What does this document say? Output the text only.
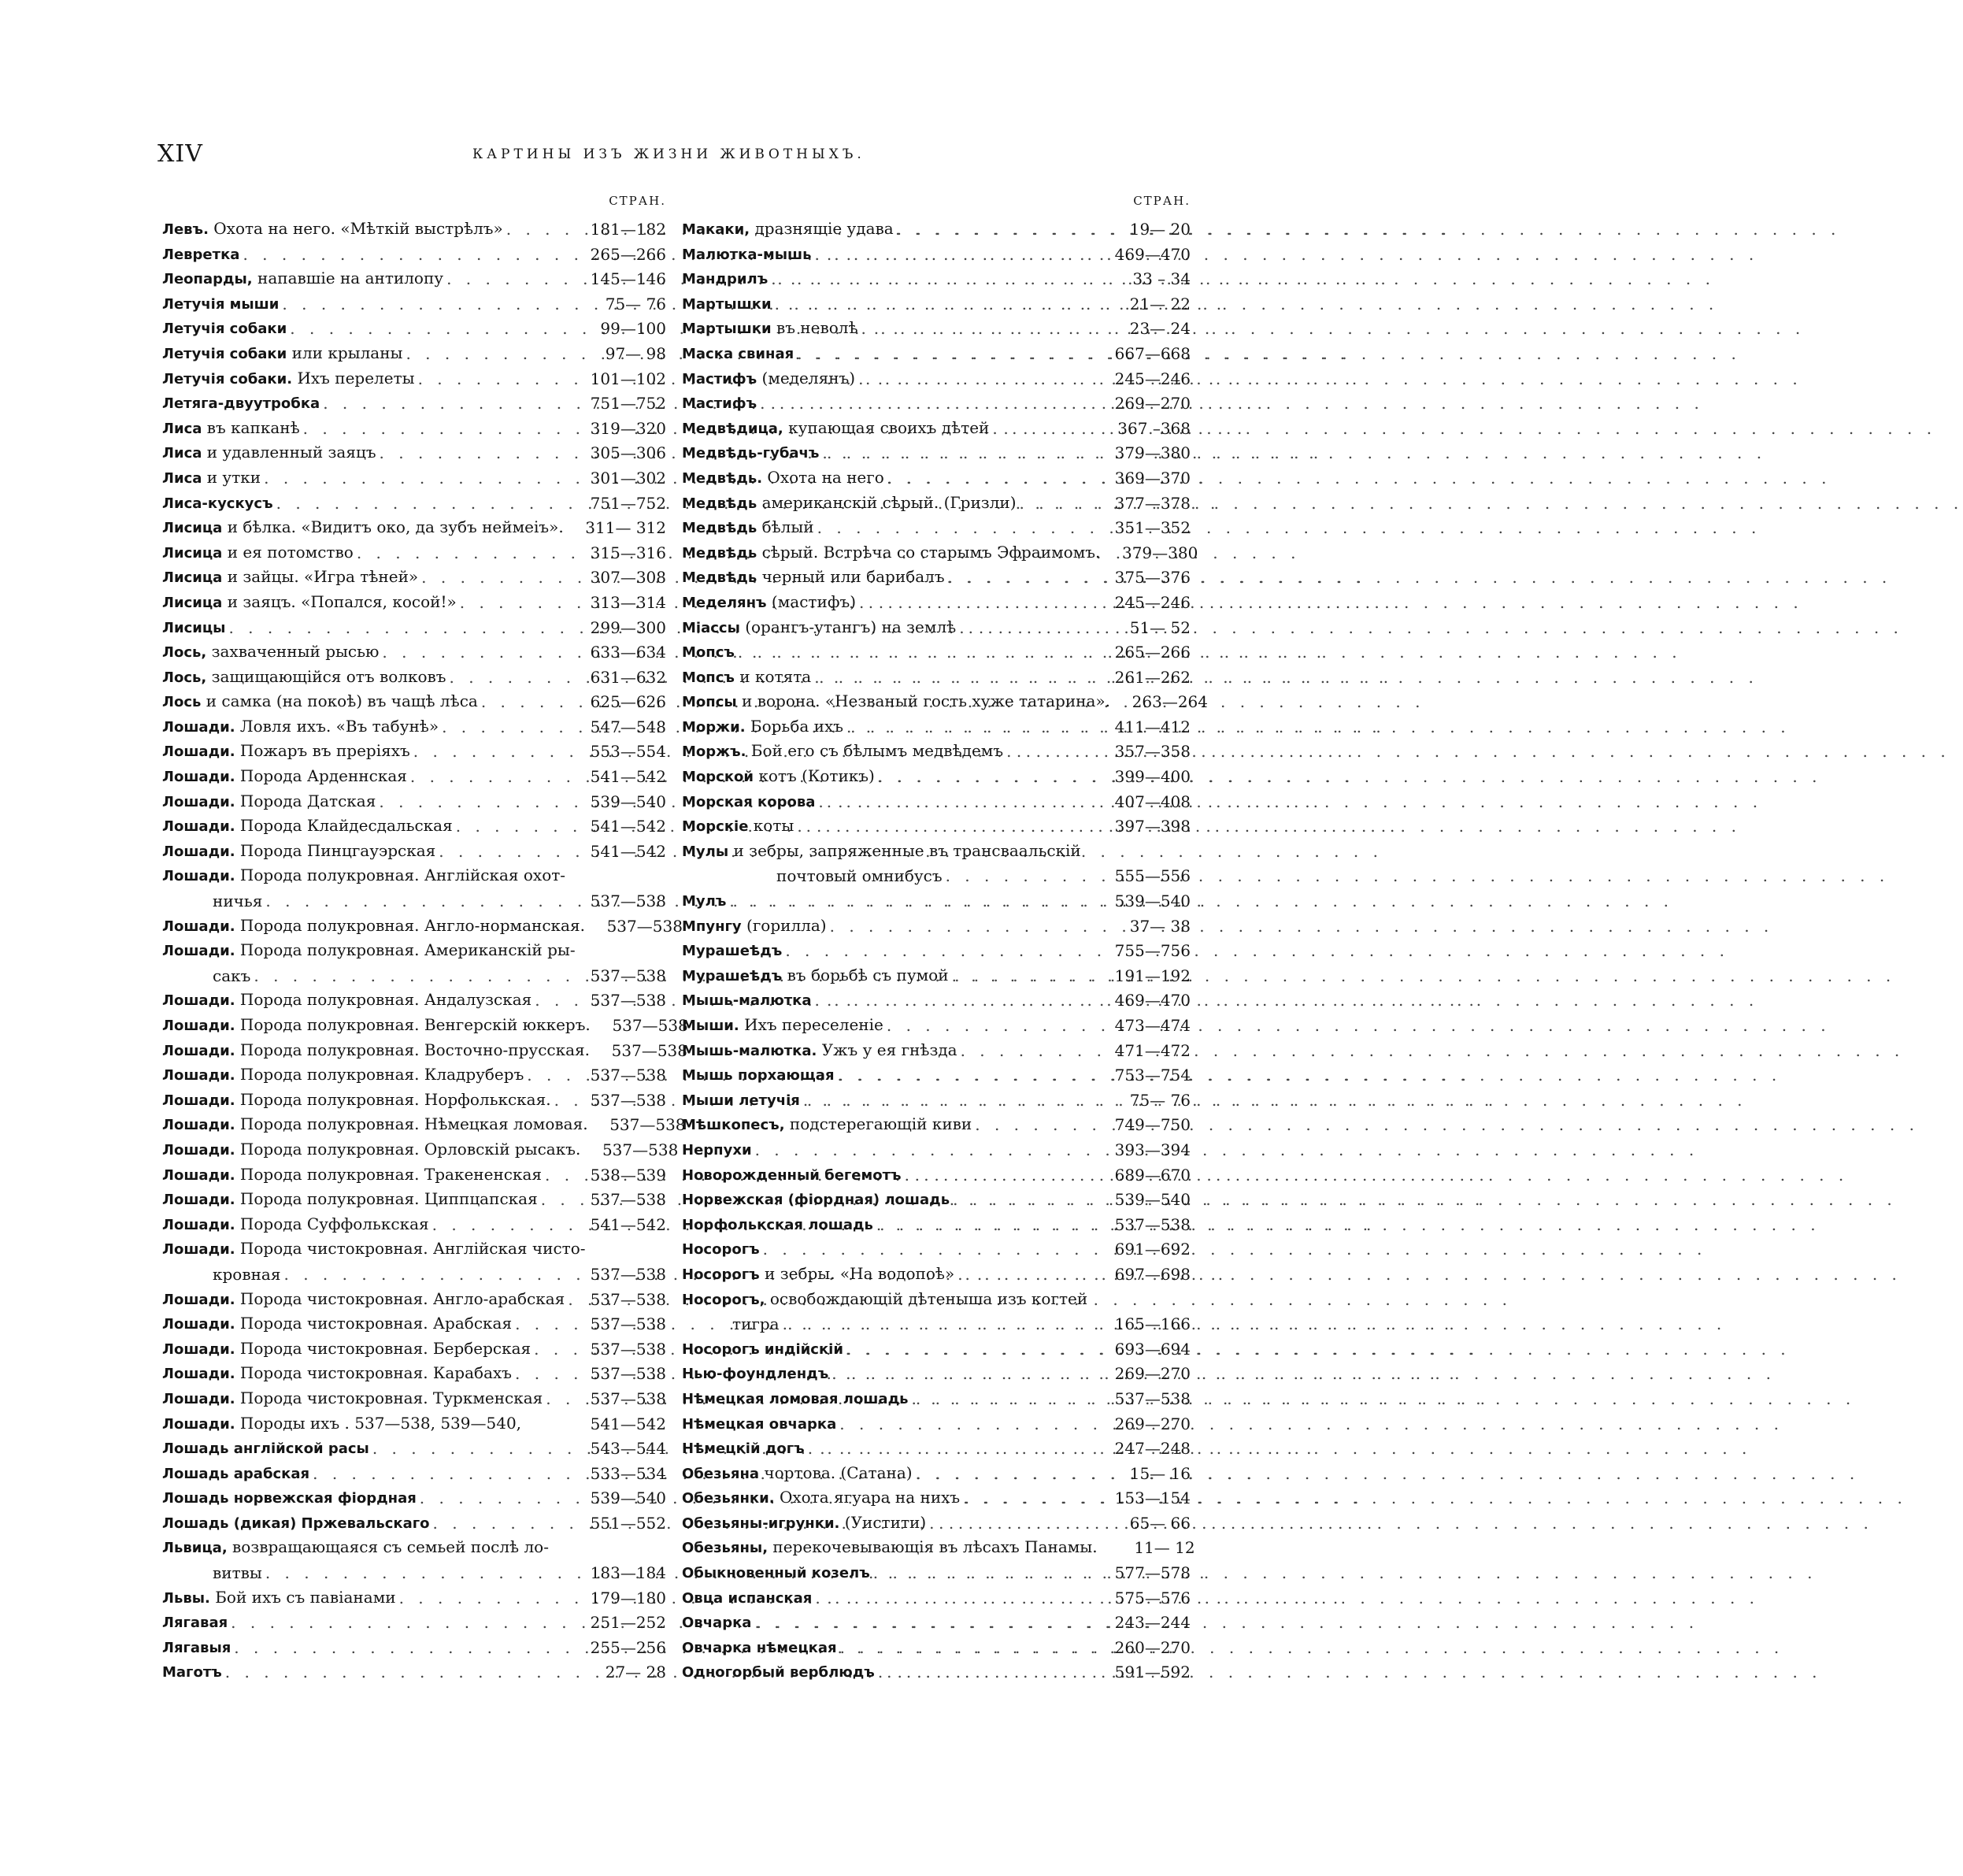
XIV	КАРТИНЫ ИЗЪ ЖИЗНИ ЖИВОТНЫХЪ.
СТРАН.
Левъ. Охота на него. «Мѣткій выстрѣлъ» . . .	181—182
Левретка . . .	265—266
Леопарды, напавшіе на антилопу . . .	145—146
Летучія мыши . . .	75— 76
Летучія собаки . . .	99—100
Летучія собаки или крыланы . . .	97— 98
Летучія собаки. Ихъ перелеты . . .	101—102
Летяга-двуутробка . . .	751—752
Лиса въ капканѣ . . .	319—320
Лиса и удавленный заяцъ . . .	305—306
Лиса и утки . . .	301—302
Лиса-кускусъ . . .	751—752
Лисица и бѣлка. «Видитъ око, да зубъ неймеіъ».	311— 312
Лисица и ея потомство . . .	315—316
Лисица и зайцы. «Игра тѣней» . . .	307—308
Лисица и заяцъ. «Попался, косой!» . . .	313—314
Лисицы . . .	299—300
Лось, захваченный рысью . . .	633—634
Лось, защищающійся отъ волковъ . . .	631—632
Лось и самка (на покоѣ) въ чащѣ лѣса . . .	625—626
Лошади. Ловля ихъ. «Въ табунѣ» . . .	547—548
Лошади. Пожаръ въ преріяхъ . . .	553—554
Лошади. Порода Арденнская . . .	541—542
Лошади. Порода Датская . . .	539—540
Лошади. Порода Клайдесдальская . . .	541—542
Лошади. Порода Пинцгауэрская . . .	541—542
Лошади. Порода полукровная. Англійская охот-
ничья . . .	537—538
Лошади. Порода полукровная. Англо-норманская.	537—538
Лошади. Порода полукровная. Американскій ры-
сакъ . . .	537—538
Лошади. Порода полукровная. Андалузская . . .	537—538
Лошади. Порода полукровная. Венгерскій юккеръ.	537—538
Лошади. Порода полукровная. Восточно-прусская.	537—538
Лошади. Порода полукровная. Кладруберъ . . .	537—538
Лошади. Порода полукровная. Норфолькская. . . .	537—538
Лошади. Порода полукровная. Нѣмецкая ломовая.	537—538
Лошади. Порода полукровная. Орловскій рысакъ.	537—538
Лошади. Порода полукровная. Тракененская . . .	538—539
Лошади. Порода полукровная. Циппцапская . . .	537—538
Лошади. Порода Суффолькская . . .	541—542
Лошади. Порода чистокровная. Англійская чисто-
кровная . . .	537—538
Лошади. Порода чистокровная. Англо-арабская . . .	537—538
Лошади. Порода чистокровная. Арабская . . .	537—538
Лошади. Порода чистокровная. Берберская . . .	537—538
Лошади. Порода чистокровная. Карабахъ . . .	537—538
Лошади. Порода чистокровная. Туркменская . . .	537—538
Лошади. Породы ихъ . 537—538, 539—540,	541—542
Лошадь англійской расы . . .	543—544
Лошадь арабская . . .	533—534
Лошадь норвежская фіордная . . .	539—540
Лошадь (дикая) Пржевальскаго . . .	551—552
Львица, возвращающаяся съ семьей послѣ ло-
витвы . . .	183—184
Львы. Бой ихъ съ павіанами . . .	179—180
Лягавая . . .	251—252
Лягавыя . . .	255—256
Маготъ . . .	27— 28
СТРАН.
Макаки, дразнящіе удава . . .	19— 20
Малютка-мышь . . .	469—470
Мандрилъ . . .	33 – 34
Мартышки . . .	21— 22
Мартышки въ неволѣ . . .	23— 24
Маска свиная . . .	667—668
Мастифъ (меделянъ) . . .	245—246
Мастифъ . . .	269—270
Медвѣдица, купающая своихъ дѣтей . . .	367 –368
Медвѣдь-губачъ . . .	379—380
Медвѣдь. Охота на него . . .	369—370
Медвѣдь американскій сѣрый. (Гризли) . . .	377—378
Медвѣдь бѣлый . . .	351—352
Медвѣдь сѣрый. Встрѣча со старымъ Эфраимомъ.	379—380
Медвѣдь черный или барибалъ . . .	375—376
Меделянъ (мастифъ) . . .	245—246
Міассы (орангъ-утангъ) на землѣ . . .	51— 52
Мопсъ . . .	265—266
Мопсъ и котята . . .	261—262
Мопсы и ворона. «Незваный гость хуже татарина».	263—264
Моржи. Борьба ихъ . . .	411—412
Моржъ. Бой его съ бѣлымъ медвѣдемъ . . .	357—358
Морской котъ (Котикъ) . . .	399—400
Морская корова . . .	407—408
Морскіе коты . . .	397—398
Мулы и зебры, запряженные въ трансваальскій
почтовый омнибусъ . . .	555—556
Мулъ . . .	539—540
Мпунгу (горилла) . . .	37— 38
Мурашеѣдъ . . .	755—756
Мурашеѣдъ въ борьбѣ съ пумой . . .	191—192
Мышь-малютка . . .	469—470
Мыши. Ихъ переселеніе . . .	473—474
Мышь-малютка. Ужъ у ея гнѣзда . . .	471—472
Мышь порхающая . . .	753—754
Мыши летучія . . .	75— 76
Мѣшкопесъ, подстерегающій киви . . .	749—750
Нерпухи . . .	393—394
Новорожденный бегемотъ . . .	689—670
Норвежская (фіордная) лошадь . . .	539—540
Норфолькская лошадь . . .	537—538
Носорогъ . . .	691—692
Носорогъ и зебры. «На водопоѣ» . . .	697—698
Носорогъ, освобождающій дѣтеныша изъ когтей
тигра . . .	165—166
Носорогъ индійскій . . .	693—694
Нью-фоундлендъ . . .	269—270
Нѣмецкая ломовая лошадь . . .	537—538
Нѣмецкая овчарка . . .	269—270
Нѣмецкій догъ . . .	247—248
Обезьяна чортова. (Сатана) . . .	15— 16
Обезьянки. Охота ягуара на нихъ . . .	153—154
Обезьяны-игрунки. (Уистити) . . .	65— 66
Обезьяны, перекочевывающія въ лѣсахъ Панамы.	11— 12
Обыкновенный козелъ . . .	577—578
Овца испанская . . .	575—576
Овчарка . . .	243—244
Овчарка нѣмецкая . . .	260—270
Одногорбый верблюдъ . . .	591—592
